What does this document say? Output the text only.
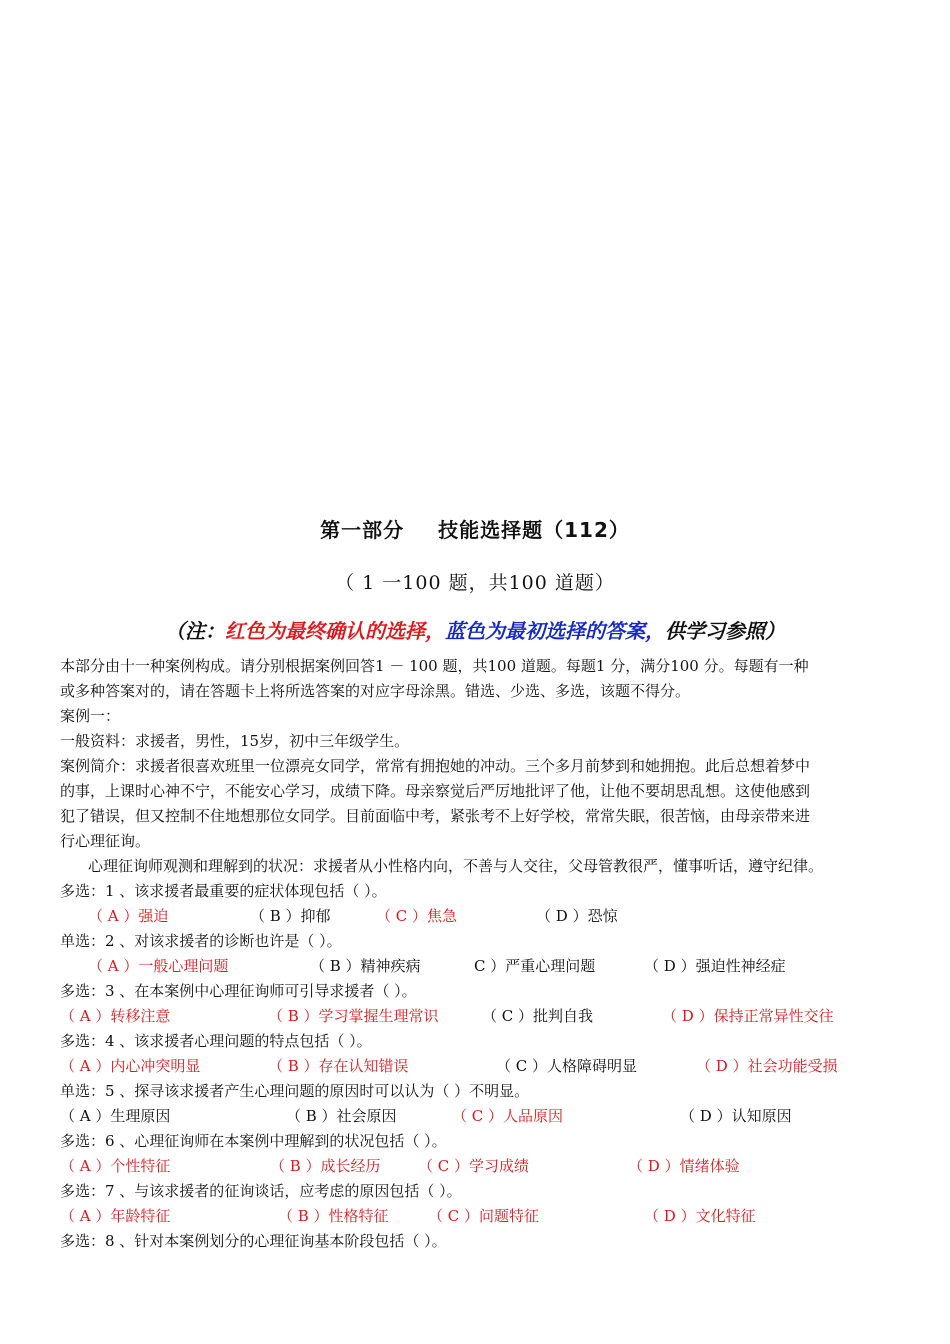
第一部分 技能选择题（112）
（ 1 一100 题，共100 道题）
（注：红色为最终确认的选择，蓝色为最初选择的答案，供学习参照）
本部分由十一种案例构成。请分别根据案例回答1 － 100 题，共100 道题。每题1 分，满分100 分。每题有一种
或多种答案对的，请在答题卡上将所选答案的对应字母涂黑。错选、少选、多选，该题不得分。
案例一：
一般资料：求援者，男性，15岁，初中三年级学生。
案例简介：求援者很喜欢班里一位漂亮女同学，常常有拥抱她的冲动。三个多月前梦到和她拥抱。此后总想着梦中
的事，上课时心神不宁，不能安心学习，成绩下降。母亲察觉后严厉地批评了他，让他不要胡思乱想。这使他感到
犯了错误，但又控制不住地想那位女同学。目前面临中考，紧张考不上好学校，常常失眠，很苦恼，由母亲带来进
行心理征询。
心理征询师观测和理解到的状况：求援者从小性格内向，不善与人交往，父母管教很严，懂事听话，遵守纪律。
多选：1 、该求援者最重要的症状体现包括（ ）。
（ A ）强迫	（ B ）抑郁	（ C ）焦急	（ D ）恐惊
单选：2 、对该求援者的诊断也许是（ ）。
（ A ）一般心理问题	（ B ）精神疾病	C ）严重心理问题	（ D ）强迫性神经症
多选：3 、在本案例中心理征询师可引导求援者（ ）。
（ A ）转移注意	（ B ）学习掌握生理常识	（ C ）批判自我	（ D ）保持正常异性交往
多选：4 、该求援者心理问题的特点包括（ ）。
（ A ）内心冲突明显	（ B ）存在认知错误	（ C ）人格障碍明显	（ D ）社会功能受损
单选：5 、探寻该求援者产生心理问题的原因时可以认为（ ）不明显。
（ A ）生理原因	（ B ）社会原因	（ C ）人品原因	（ D ）认知原因
多选：6 、心理征询师在本案例中理解到的状况包括（ ）。
（ A ）个性特征	（ B ）成长经历 （ C ）学习成绩	（ D ）情绪体验
多选：7 、与该求援者的征询谈话，应考虑的原因包括（ ）。
（ A ）年龄特征	（ B ）性格特征	（ C ）问题特征	（ D ）文化特征
多选：8 、针对本案例划分的心理征询基本阶段包括（ ）。
